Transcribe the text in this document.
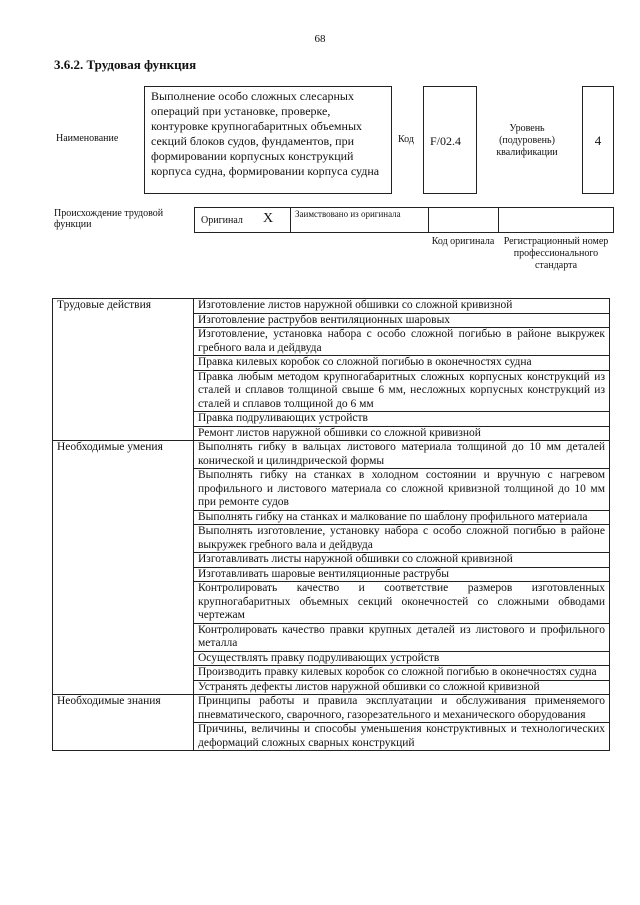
68
3.6.2. Трудовая функция
Наименование
Выполнение особо сложных слесарных операций при установке, проверке, контуровке крупногабаритных объемных секций блоков судов, фундаментов, при формировании корпусных конструкций корпуса судна, формировании корпуса судна
Код F/02.4
Уровень (подуровень) квалификации
4
Происхождение трудовой функции	Оригинал X	Заимствовано из оригинала
Код оригинала Регистрационный номер профессионального стандарта
Трудовые действия	Изготовление листов наружной обшивки со сложной кривизной
	Изготовление раструбов вентиляционных шаровых
	Изготовление, установка набора с особо сложной погибью в районе выкружек гребного вала и дейдвуда
	Правка килевых коробок со сложной погибью в оконечностях судна
	Правка любым методом крупногабаритных сложных корпусных конструкций из сталей и сплавов толщиной свыше 6 мм, несложных корпусных конструкций из сталей и сплавов толщиной до 6 мм
	Правка подруливающих устройств
	Ремонт листов наружной обшивки со сложной кривизной
Необходимые умения	Выполнять гибку в вальцах листового материала толщиной до 10 мм деталей конической и цилиндрической формы
	Выполнять гибку на станках в холодном состоянии и вручную с нагревом профильного и листового материала со сложной кривизной толщиной до 10 мм при ремонте судов
	Выполнять гибку на станках и малкование по шаблону профильного материала
	Выполнять изготовление, установку набора с особо сложной погибью в районе выкружек гребного вала и дейдвуда
	Изготавливать листы наружной обшивки со сложной кривизной
	Изготавливать шаровые вентиляционные раструбы
	Контролировать качество и соответствие размеров изготовленных крупногабаритных объемных секций оконечностей со сложными обводами чертежам
	Контролировать качество правки крупных деталей из листового и профильного металла
	Осуществлять правку подруливающих устройств
	Производить правку килевых коробок со сложной погибью в оконечностях судна
	Устранять дефекты листов наружной обшивки со сложной кривизной
Необходимые знания	Принципы работы и правила эксплуатации и обслуживания применяемого пневматического, сварочного, газорезательного и механического оборудования
	Причины, величины и способы уменьшения конструктивных и технологических деформаций сложных сварных конструкций
